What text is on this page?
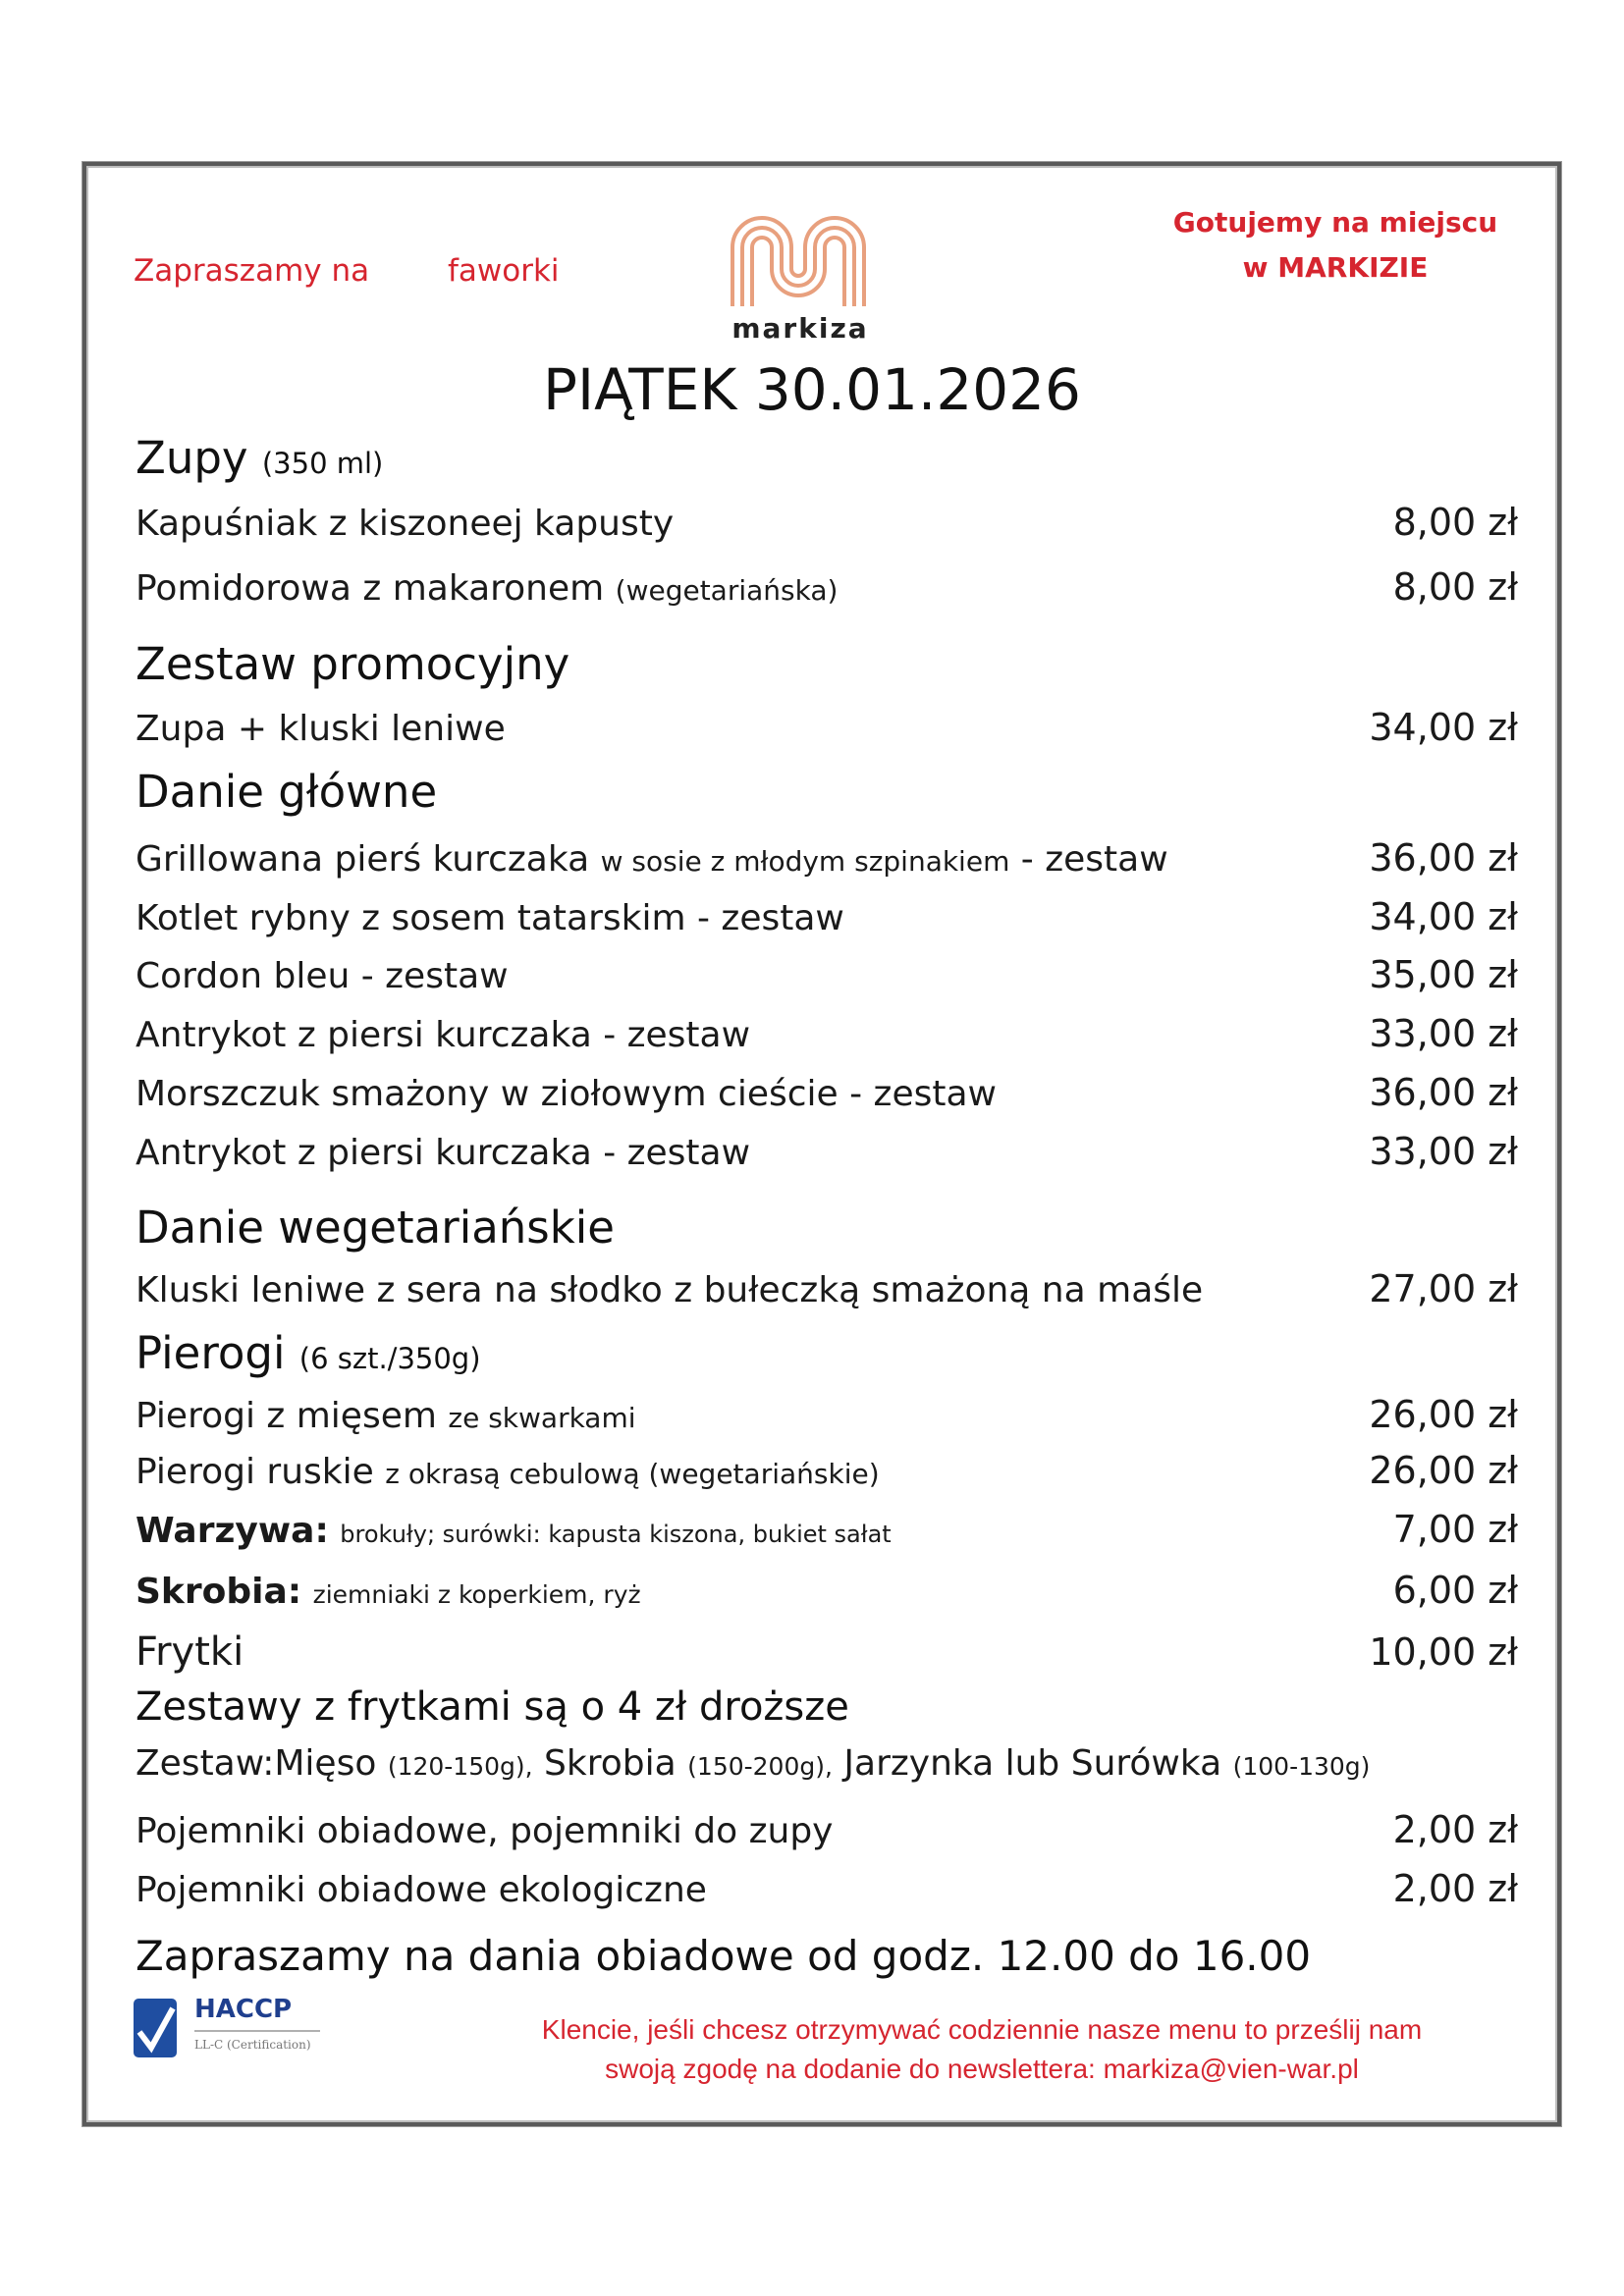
Zapraszamy na	faworki
Gotujemy na miejscu
w MARKIZIE
markiza
PIĄTEK 30.01.2026
Zupy (350 ml)
Kapuśniak z kiszoneej kapusty	8,00 zł
Pomidorowa z makaronem (wegetariańska)	8,00 zł
Zestaw promocyjny
Zupa + kluski leniwe	34,00 zł
Danie główne
Grillowana pierś kurczaka w sosie z młodym szpinakiem - zestaw	36,00 zł
Kotlet rybny z sosem tatarskim - zestaw	34,00 zł
Cordon bleu - zestaw	35,00 zł
Antrykot z piersi kurczaka - zestaw	33,00 zł
Morszczuk smażony w ziołowym cieście - zestaw	36,00 zł
Antrykot z piersi kurczaka - zestaw	33,00 zł
Danie wegetariańskie
Kluski leniwe z sera na słodko z bułeczką smażoną na maśle	27,00 zł
Pierogi (6 szt./350g)
Pierogi z mięsem ze skwarkami	26,00 zł
Pierogi ruskie z okrasą cebulową (wegetariańskie)	26,00 zł
Warzywa: brokuły; surówki: kapusta kiszona, bukiet sałat	7,00 zł
Skrobia: ziemniaki z koperkiem, ryż	6,00 zł
Frytki	10,00 zł
Zestawy z frytkami są o 4 zł droższe
Zestaw:Mięso (120-150g), Skrobia (150-200g), Jarzynka lub Surówka (100-130g)
Pojemniki obiadowe, pojemniki do zupy	2,00 zł
Pojemniki obiadowe ekologiczne	2,00 zł
Zapraszamy na dania obiadowe od godz. 12.00 do 16.00
HACCP
LL-C (Certification)	Klencie, jeśli chcesz otrzymywać codziennie nasze menu to prześlij nam
swoją zgodę na dodanie do newslettera: markiza@vien-war.pl
